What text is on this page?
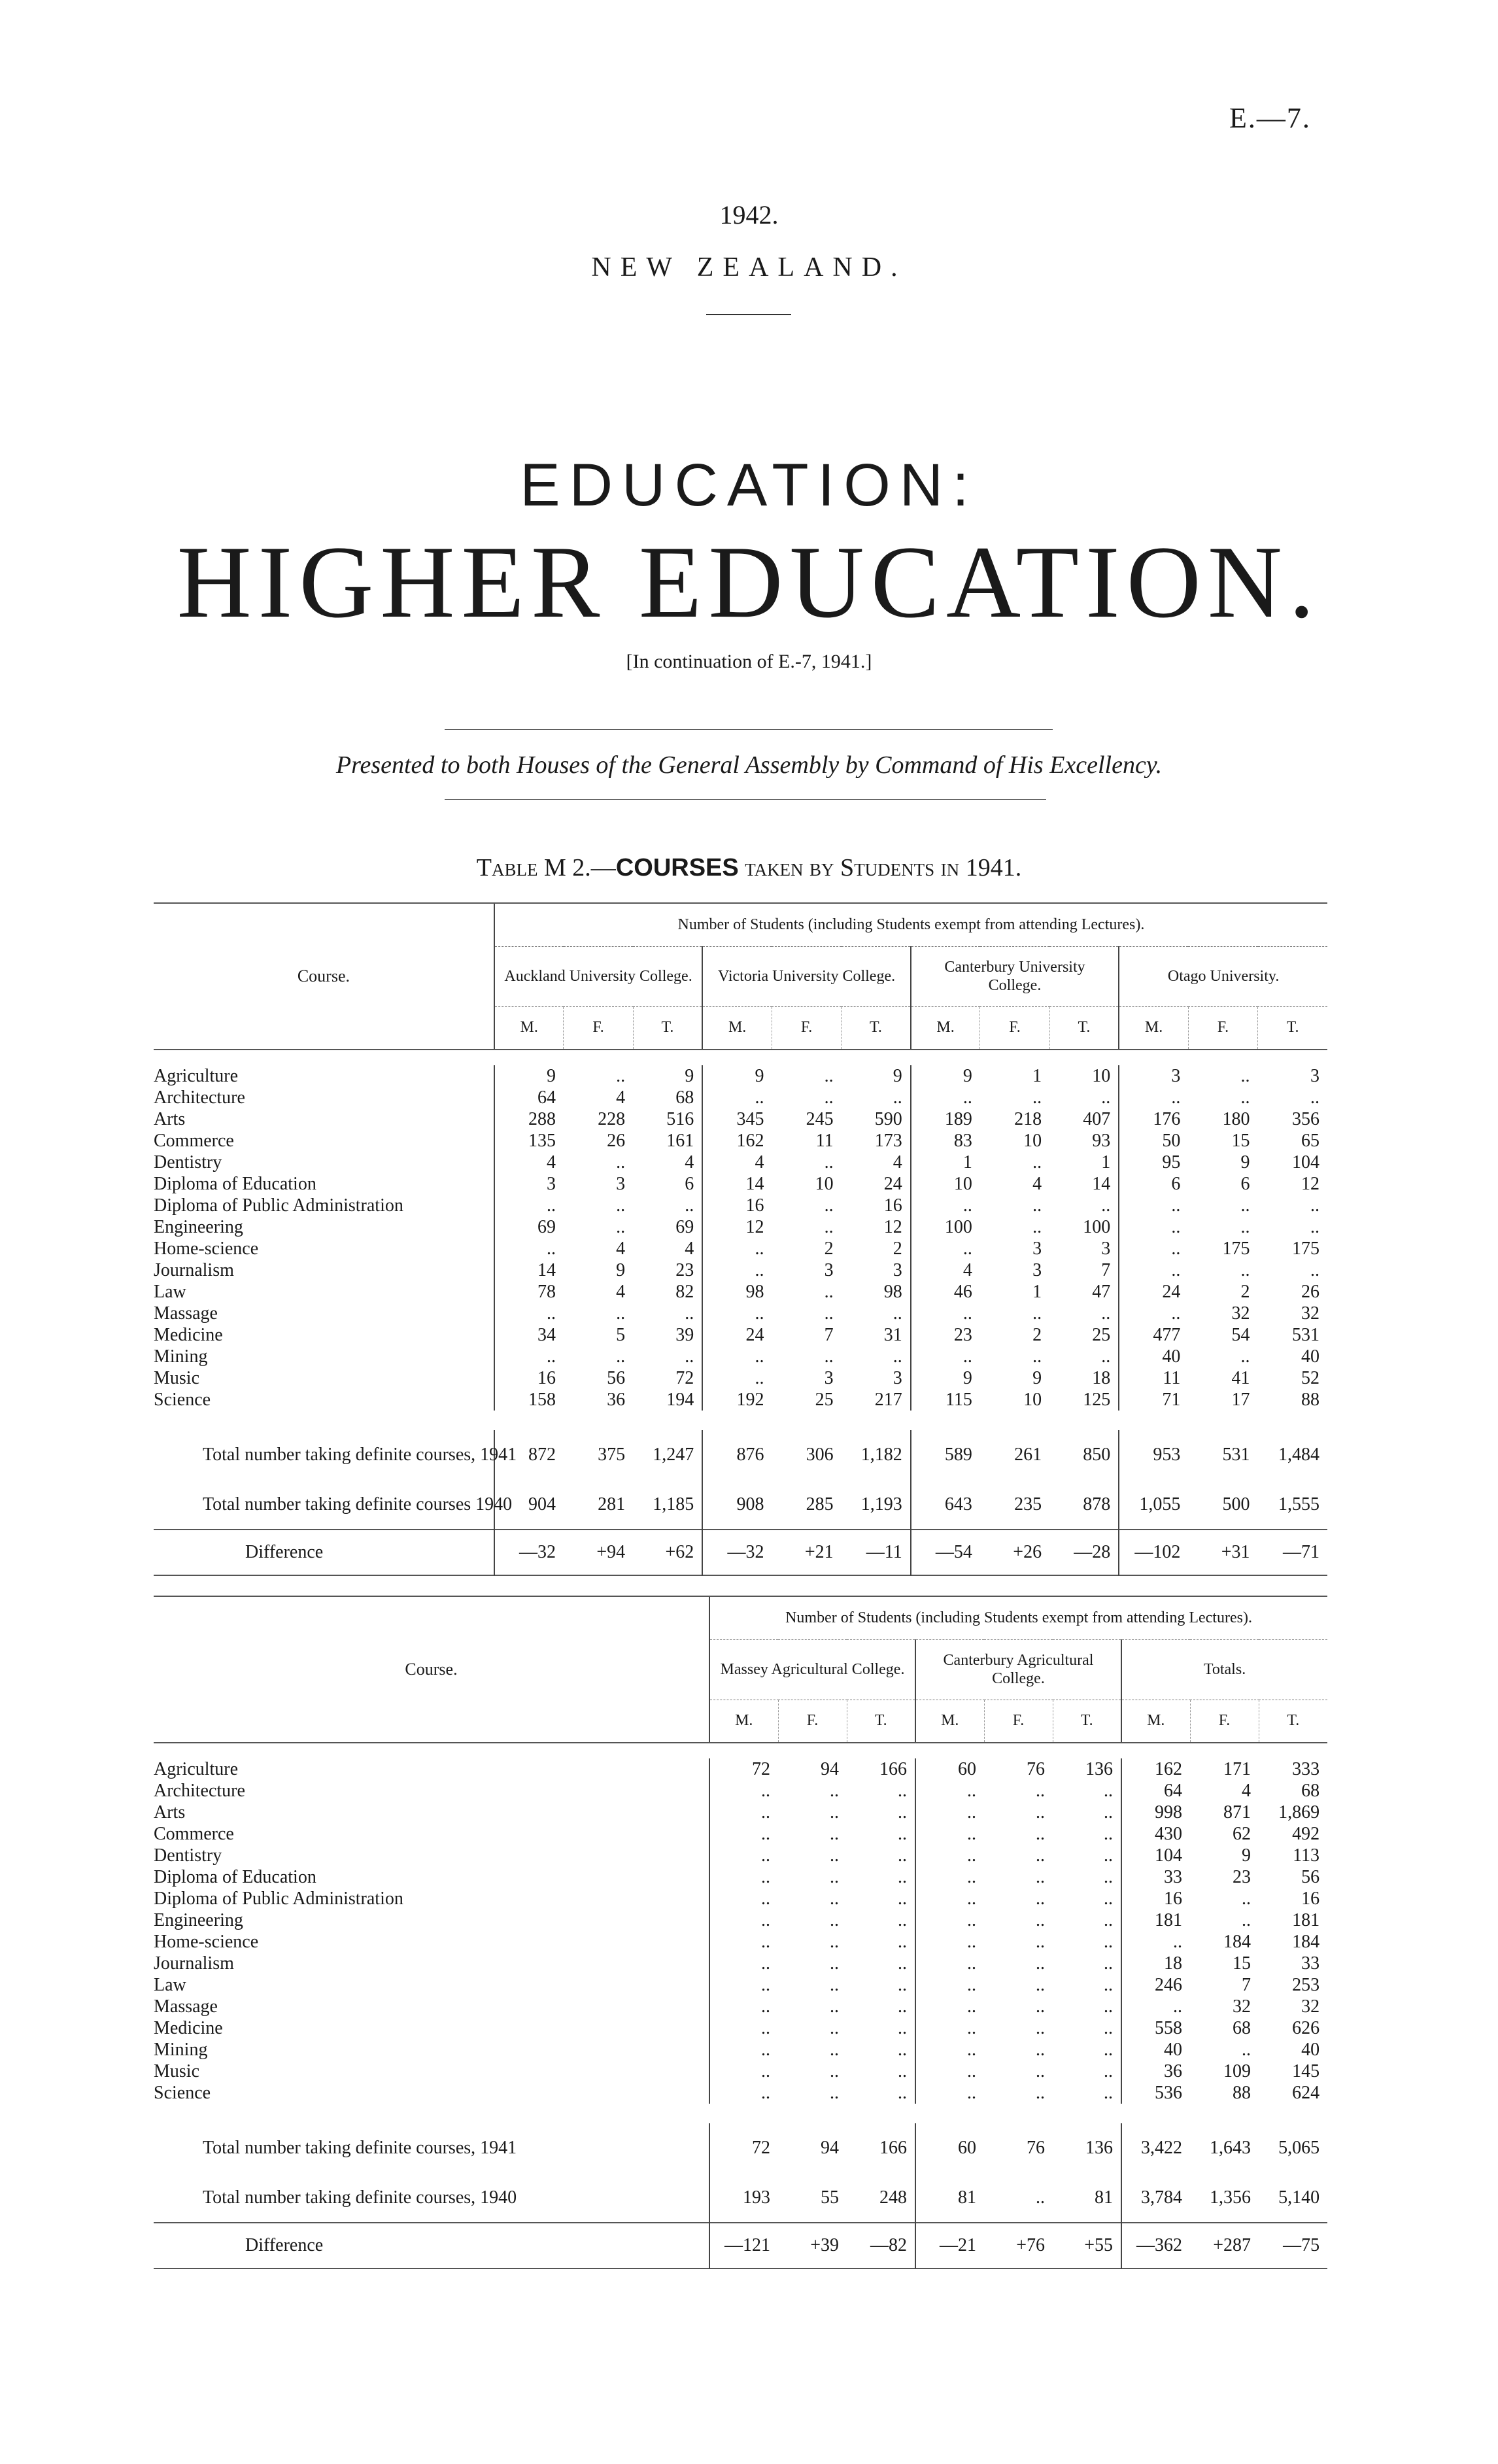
E.—7.
1942.
NEW ZEALAND.
EDUCATION:
HIGHER EDUCATION.
[In continuation of E.-7, 1941.]
Presented to both Houses of the General Assembly by Command of His Excellency.
Table M 2.—COURSES taken by Students in 1941.
Course.	Number of Students (including Students exempt from attending Lectures).											
	Auckland University College.			Victoria University College.			Canterbury University College.			Otago University.		
	M.	F.	T.	M.	F.	T.	M.	F.	T.	M.	F.	T.

Agriculture	9	..	9	9	..	9	9	1	10	3	..	3
Architecture	64	4	68	..	..	..	..	..	..	..	..	..
Arts	288	228	516	345	245	590	189	218	407	176	180	356
Commerce	135	26	161	162	11	173	83	10	93	50	15	65
Dentistry	4	..	4	4	..	4	1	..	1	95	9	104
Diploma of Education	3	3	6	14	10	24	10	4	14	6	6	12
Diploma of Public Administration	..	..	..	16	..	16	..	..	..	..	..	..
Engineering	69	..	69	12	..	12	100	..	100	..	..	..
Home-science	..	4	4	..	2	2	..	3	3	..	175	175
Journalism	14	9	23	..	3	3	4	3	7	..	..	..
Law	78	4	82	98	..	98	46	1	47	24	2	26
Massage	..	..	..	..	..	..	..	..	..	..	32	32
Medicine	34	5	39	24	7	31	23	2	25	477	54	531
Mining	..	..	..	..	..	..	..	..	..	40	..	40
Music	16	56	72	..	3	3	9	9	18	11	41	52
Science	158	36	194	192	25	217	115	10	125	71	17	88

Total number taking definite courses, 1941	872	375	1,247	876	306	1,182	589	261	850	953	531	1,484
Total number taking definite courses 1940	904	281	1,185	908	285	1,193	643	235	878	1,055	500	1,555
Difference	—32	+94	+62	—32	+21	—11	—54	+26	—28	—102	+31	—71

Course.	Number of Students (including Students exempt from attending Lectures).								
	Massey Agricultural College.			Canterbury Agricultural College.			Totals.		
	M.	F.	T.	M.	F.	T.	M.	F.	T.

Agriculture	72	94	166	60	76	136	162	171	333
Architecture	..	..	..	..	..	..	64	4	68
Arts	..	..	..	..	..	..	998	871	1,869
Commerce	..	..	..	..	..	..	430	62	492
Dentistry	..	..	..	..	..	..	104	9	113
Diploma of Education	..	..	..	..	..	..	33	23	56
Diploma of Public Administration	..	..	..	..	..	..	16	..	16
Engineering	..	..	..	..	..	..	181	..	181
Home-science	..	..	..	..	..	..	..	184	184
Journalism	..	..	..	..	..	..	18	15	33
Law	..	..	..	..	..	..	246	7	253
Massage	..	..	..	..	..	..	..	32	32
Medicine	..	..	..	..	..	..	558	68	626
Mining	..	..	..	..	..	..	40	..	40
Music	..	..	..	..	..	..	36	109	145
Science	..	..	..	..	..	..	536	88	624

Total number taking definite courses, 1941	72	94	166	60	76	136	3,422	1,643	5,065
Total number taking definite courses, 1940	193	55	248	81	..	81	3,784	1,356	5,140
Difference	—121	+39	—82	—21	+76	+55	—362	+287	—75
